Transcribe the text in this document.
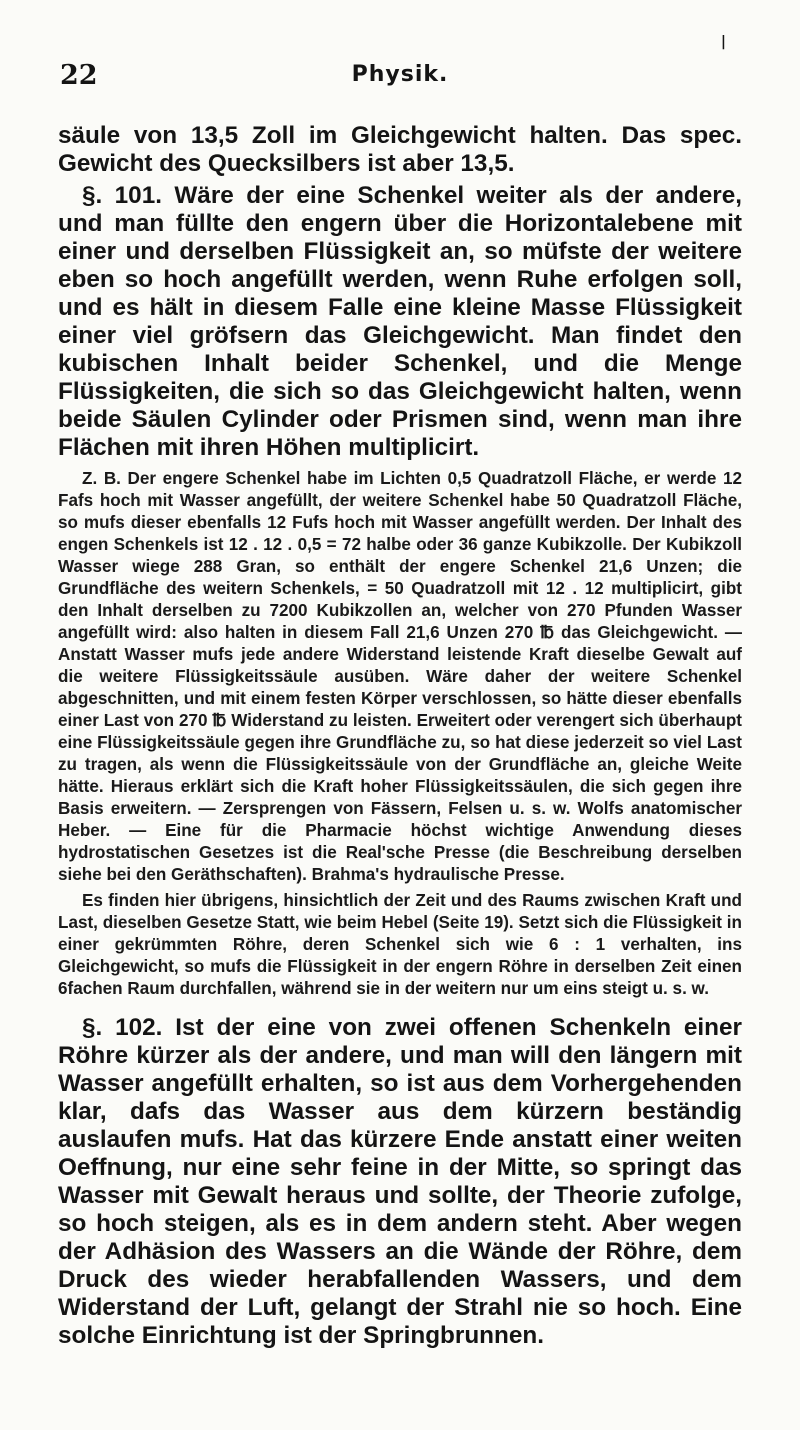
22	Physik.
|

säule von 13,5 Zoll im Gleichgewicht halten. Das spec. Gewicht des Quecksilbers ist aber 13,5.

§. 101. Wäre der eine Schenkel weiter als der andere, und man füllte den engern über die Horizontalebene mit einer und derselben Flüssigkeit an, so müfste der weitere eben so hoch angefüllt werden, wenn Ruhe erfolgen soll, und es hält in diesem Falle eine kleine Masse Flüssigkeit einer viel gröfsern das Gleichgewicht. Man findet den kubischen Inhalt beider Schenkel, und die Menge Flüssigkeiten, die sich so das Gleichgewicht halten, wenn beide Säulen Cylinder oder Prismen sind, wenn man ihre Flächen mit ihren Höhen multiplicirt.

Z. B. Der engere Schenkel habe im Lichten 0,5 Quadratzoll Fläche, er werde 12 Fafs hoch mit Wasser angefüllt, der weitere Schenkel habe 50 Quadratzoll Fläche, so mufs dieser ebenfalls 12 Fufs hoch mit Wasser angefüllt werden. Der Inhalt des engen Schenkels ist 12 . 12 . 0,5 = 72 halbe oder 36 ganze Kubikzolle. Der Kubikzoll Wasser wiege 288 Gran, so enthält der engere Schenkel 21,6 Unzen; die Grundfläche des weitern Schenkels, = 50 Quadratzoll mit 12 . 12 multiplicirt, gibt den Inhalt derselben zu 7200 Kubikzollen an, welcher von 270 Pfunden Wasser angefüllt wird: also halten in diesem Fall 21,6 Unzen 270 ℔ das Gleichgewicht. — Anstatt Wasser mufs jede andere Widerstand leistende Kraft dieselbe Gewalt auf die weitere Flüssigkeitssäule ausüben. Wäre daher der weitere Schenkel abgeschnitten, und mit einem festen Körper verschlossen, so hätte dieser ebenfalls einer Last von 270 ℔ Widerstand zu leisten. Erweitert oder verengert sich überhaupt eine Flüssigkeitssäule gegen ihre Grundfläche zu, so hat diese jederzeit so viel Last zu tragen, als wenn die Flüssigkeitssäule von der Grundfläche an, gleiche Weite hätte. Hieraus erklärt sich die Kraft hoher Flüssigkeitssäulen, die sich gegen ihre Basis erweitern. — Zersprengen von Fässern, Felsen u. s. w. Wolfs anatomischer Heber. — Eine für die Pharmacie höchst wichtige Anwendung dieses hydrostatischen Gesetzes ist die Real'sche Presse (die Beschreibung derselben siehe bei den Geräthschaften). Brahma's hydraulische Presse.

Es finden hier übrigens, hinsichtlich der Zeit und des Raums zwischen Kraft und Last, dieselben Gesetze Statt, wie beim Hebel (Seite 19). Setzt sich die Flüssigkeit in einer gekrümmten Röhre, deren Schenkel sich wie 6 : 1 verhalten, ins Gleichgewicht, so mufs die Flüssigkeit in der engern Röhre in derselben Zeit einen 6fachen Raum durchfallen, während sie in der weitern nur um eins steigt u. s. w.

§. 102. Ist der eine von zwei offenen Schenkeln einer Röhre kürzer als der andere, und man will den längern mit Wasser angefüllt erhalten, so ist aus dem Vorhergehenden klar, dafs das Wasser aus dem kürzern beständig auslaufen mufs. Hat das kürzere Ende anstatt einer weiten Oeffnung, nur eine sehr feine in der Mitte, so springt das Wasser mit Gewalt heraus und sollte, der Theorie zufolge, so hoch steigen, als es in dem andern steht. Aber wegen der Adhäsion des Wassers an die Wände der Röhre, dem Druck des wieder herabfallenden Wassers, und dem Widerstand der Luft, gelangt der Strahl nie so hoch. Eine solche Einrichtung ist der Springbrunnen.
